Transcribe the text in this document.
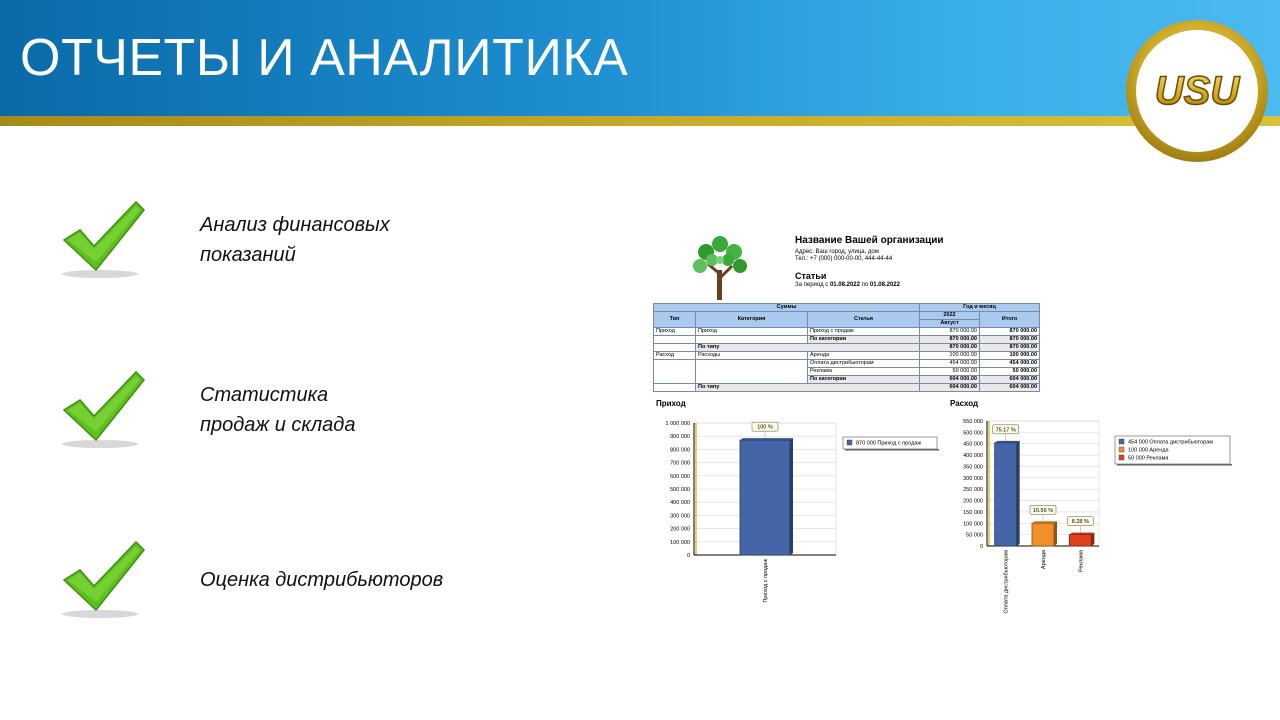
ОТЧЕТЫ И АНАЛИТИКА
USU
Анализ финансовых
показаний
Статистика
продаж и склада
Оценка дистрибьюторов
Название Вашей организации
Адрес: Ваш город, улица, дом
Тел.: +7 (000) 000-00-00, 444-44-44
Статьи
За период с 01.08.2022 по 01.08.2022
Суммы			Год и месяц	
Тип	Категория	Статья	2022	Итого
			Август	
Приход	Приход	Приход с продаж	870 000.00	870 000.00
		По категории	870 000.00	870 000.00
	По типу		870 000.00	870 000.00
Расход	Расходы	Аренда	100 000.00	100 000.00
		Оплата дистрибьюторам	454 000.00	454 000.00
		Реклама	50 000.00	50 000.00
		По категории	604 000.00	604 000.00
	По типу		604 000.00	604 000.00
Приход	Расход
0
100 000
200 000
300 000
400 000
500 000
600 000
700 000
800 000
900 000
1 000 000
100 %
Приход с продаж
870 000 Приход с продаж
0
50 000
100 000
150 000
200 000
250 000
300 000
350 000
400 000
450 000
500 000
550 000
75.17 %
Оплата дистрибьюторам
16.56 %
Аренда
8.28 %
Реклама
454 000 Оплата дистрибьюторам
100 000 Аренда
50 000 Реклама
